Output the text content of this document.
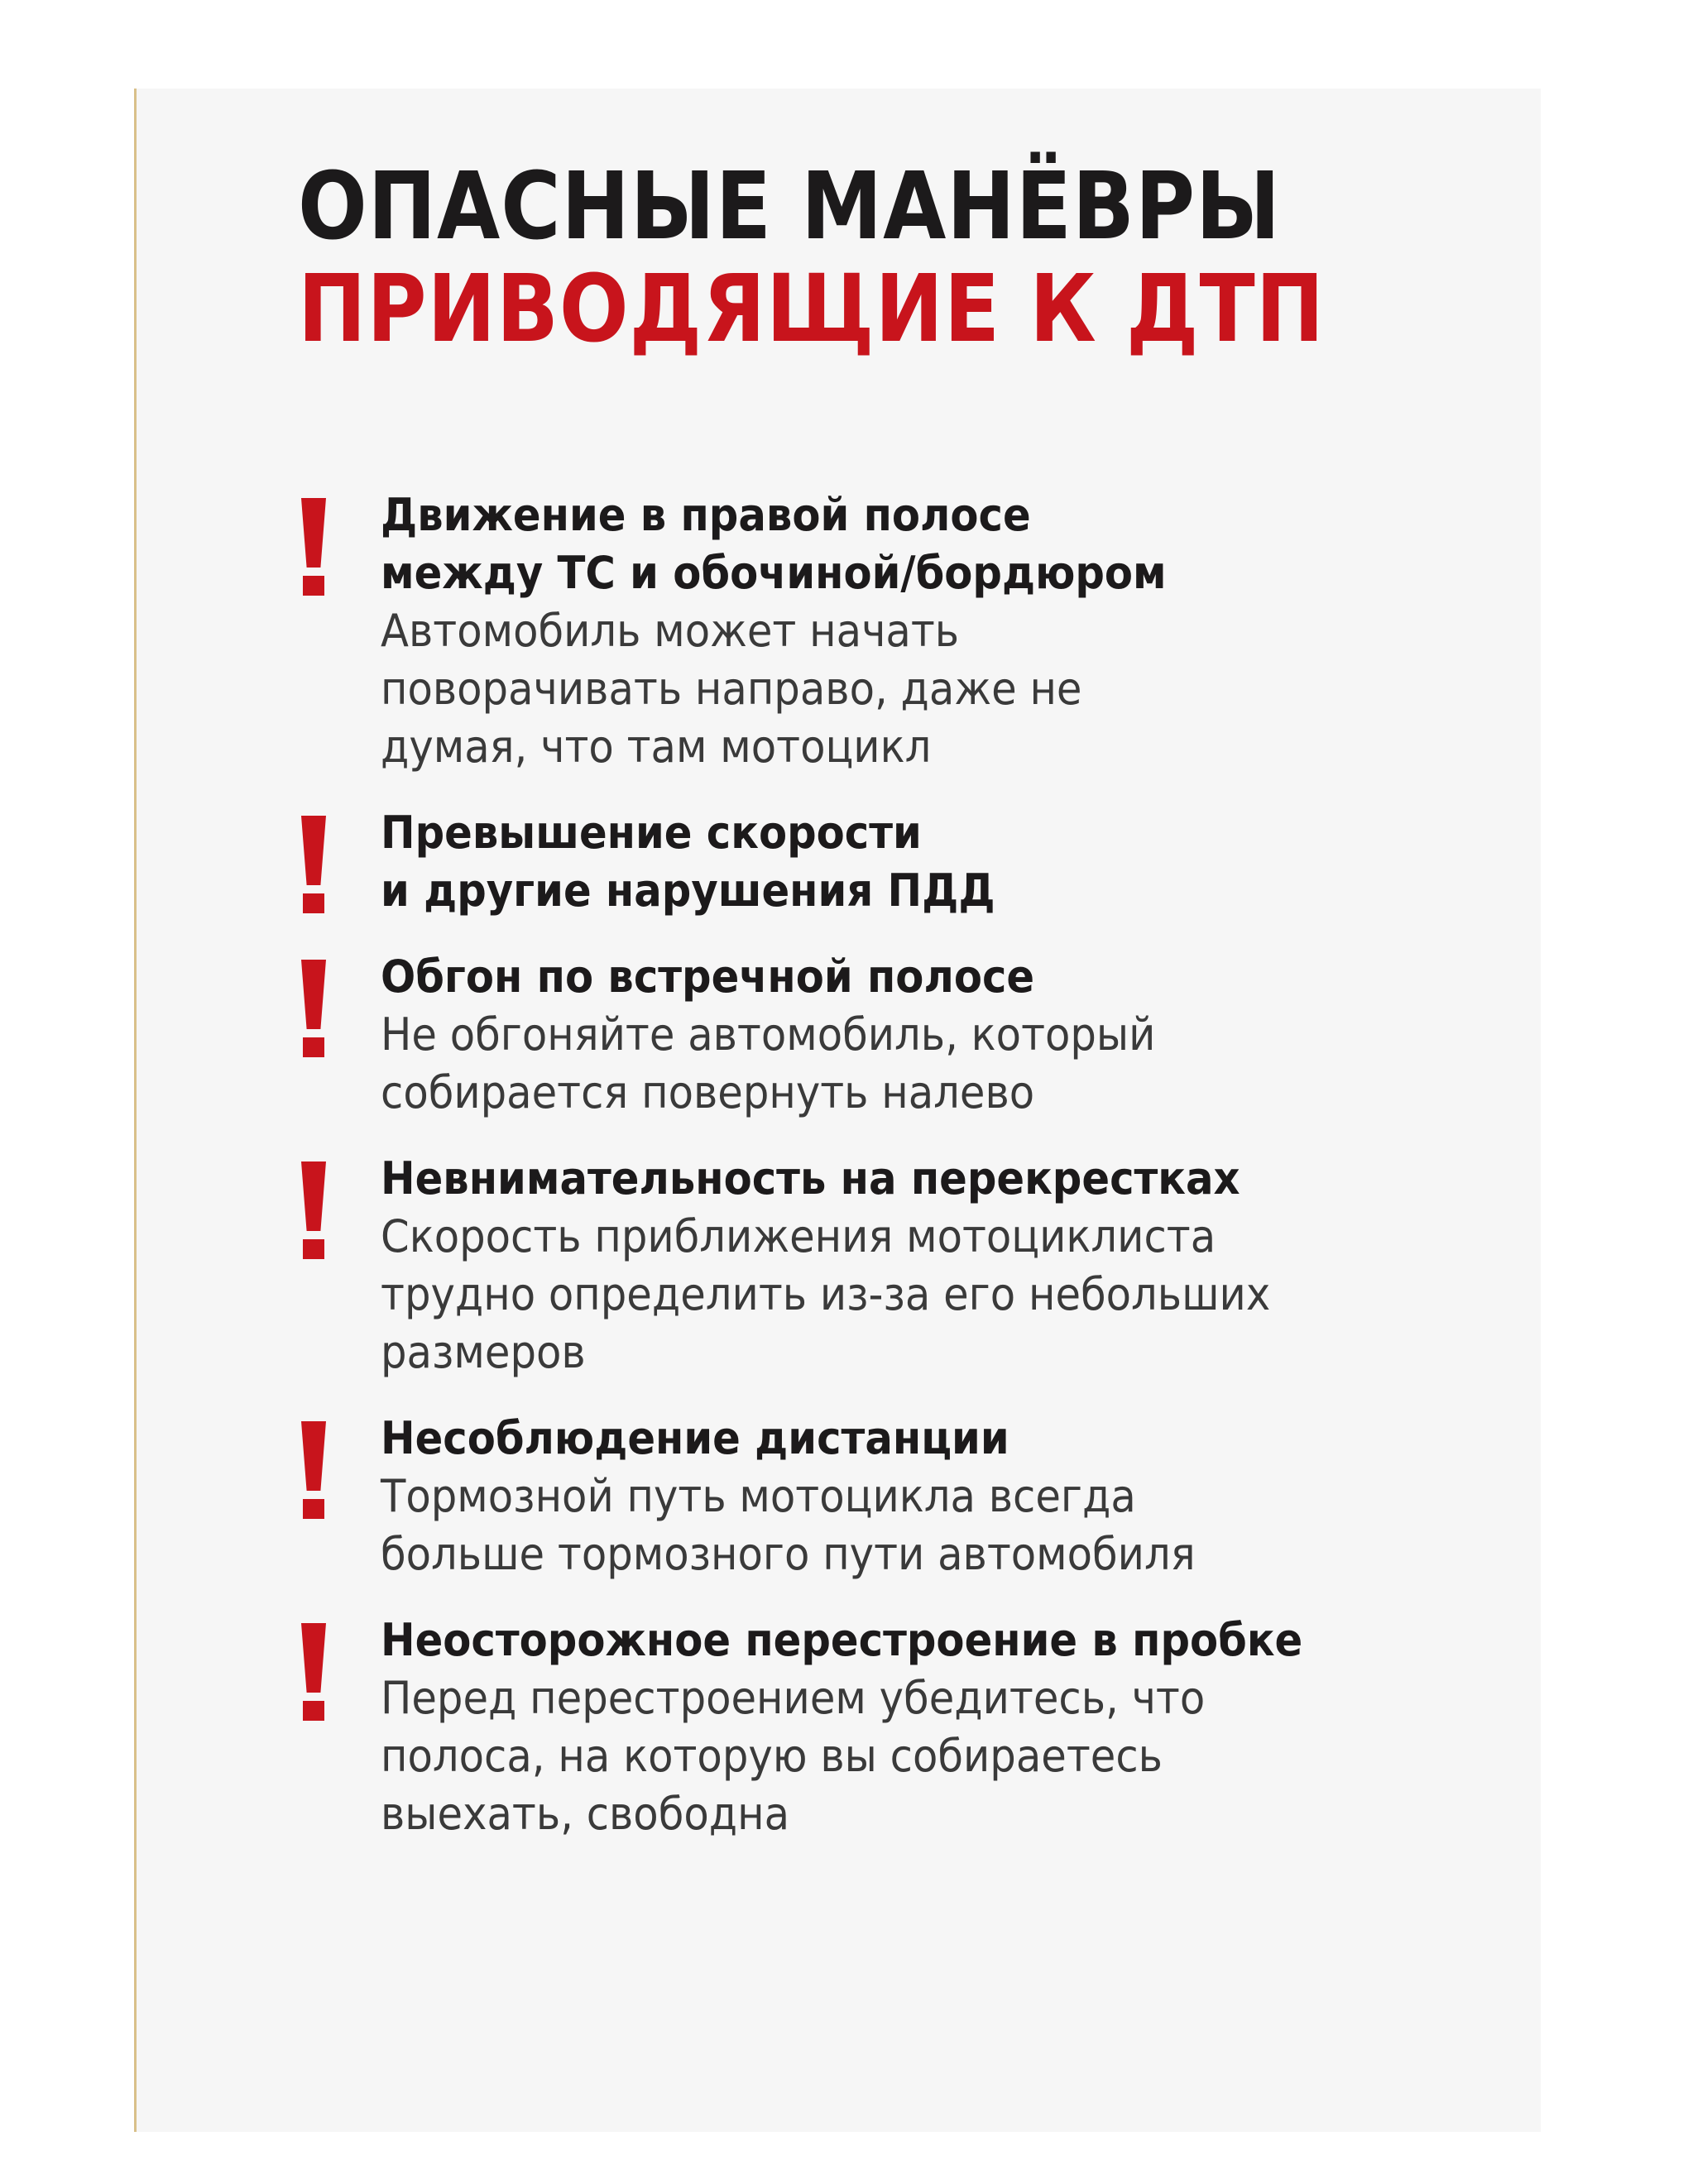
ОПАСНЫЕ МАНЁВРЫ
ПРИВОДЯЩИЕ К ДТП
Движение в правой полосе
между ТС и обочиной/бордюром
Автомобиль может начать
поворачивать направо, даже не
думая, что там мотоцикл
Превышение скорости
и другие нарушения ПДД
Обгон по встречной полосе
Не обгоняйте автомобиль, который
собирается повернуть налево
Невнимательность на перекрестках
Скорость приближения мотоциклиста
трудно определить из-за его небольших
размеров
Несоблюдение дистанции
Тормозной путь мотоцикла всегда
больше тормозного пути автомобиля
Неосторожное перестроение в пробке
Перед перестроением убедитесь, что
полоса, на которую вы собираетесь
выехать, свободна
